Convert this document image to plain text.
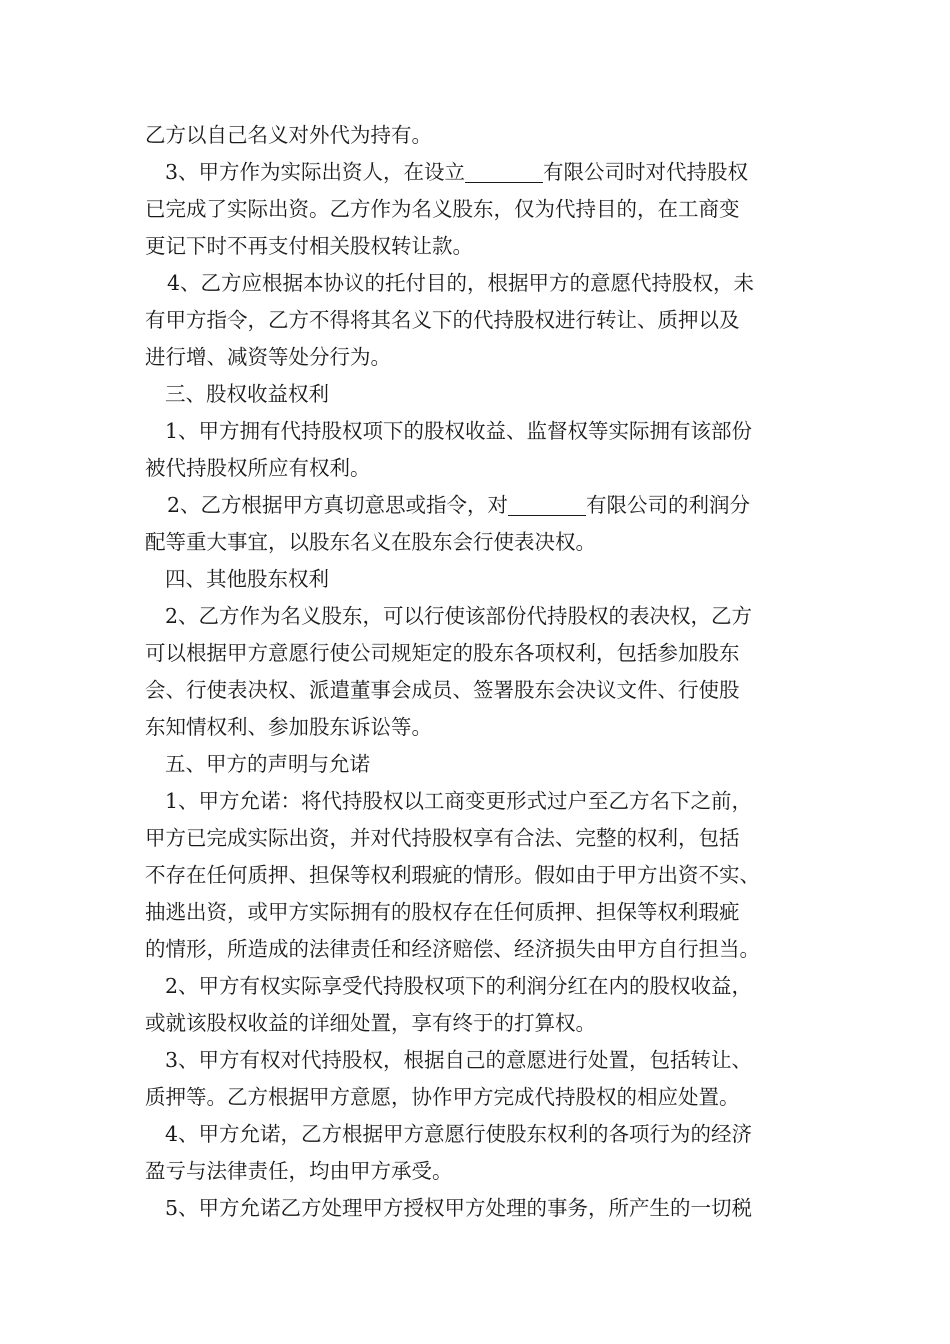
乙方以自己名义对外代为持有。
3、甲方作为实际出资人，在设立	有限公司时对代持股权
已完成了实际出资。乙方作为名义股东，仅为代持目的，在工商变
更记下时不再支付相关股权转让款。
4、乙方应根据本协议的托付目的，根据甲方的意愿代持股权，未
有甲方指令，乙方不得将其名义下的代持股权进行转让、质押以及
进行增、减资等处分行为。
三、股权收益权利
1、甲方拥有代持股权项下的股权收益、监督权等实际拥有该部份
被代持股权所应有权利。
2、乙方根据甲方真切意思或指令，对	有限公司的利润分
配等重大事宜，以股东名义在股东会行使表决权。
四、其他股东权利
2、乙方作为名义股东，可以行使该部份代持股权的表决权，乙方
可以根据甲方意愿行使公司规矩定的股东各项权利，包括参加股东
会、行使表决权、派遣董事会成员、签署股东会决议文件、行使股
东知情权利、参加股东诉讼等。
五、甲方的声明与允诺
1、甲方允诺：将代持股权以工商变更形式过户至乙方名下之前，
甲方已完成实际出资，并对代持股权享有合法、完整的权利，包括
不存在任何质押、担保等权利瑕疵的情形。假如由于甲方出资不实、
抽逃出资，或甲方实际拥有的股权存在任何质押、担保等权利瑕疵
的情形，所造成的法律责任和经济赔偿、经济损失由甲方自行担当。
2、甲方有权实际享受代持股权项下的利润分红在内的股权收益，
或就该股权收益的详细处置，享有终于的打算权。
3、甲方有权对代持股权，根据自己的意愿进行处置，包括转让、
质押等。乙方根据甲方意愿，协作甲方完成代持股权的相应处置。
4、甲方允诺，乙方根据甲方意愿行使股东权利的各项行为的经济
盈亏与法律责任，均由甲方承受。
5、甲方允诺乙方处理甲方授权甲方处理的事务，所产生的一切税
